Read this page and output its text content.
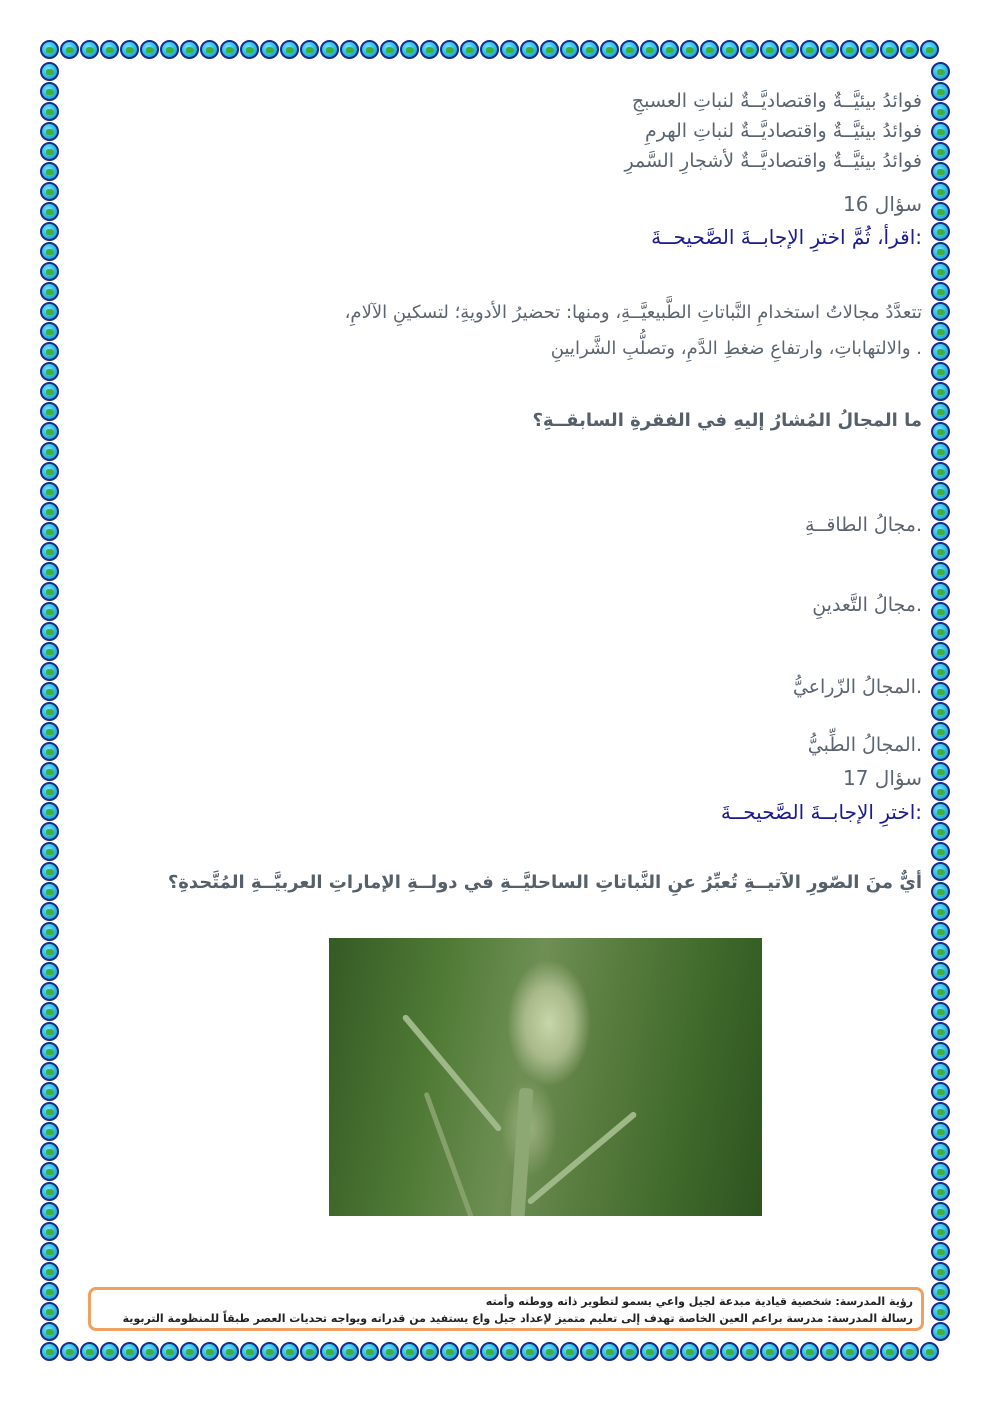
فوائدُ بيئيَّــةٌ واقتصاديَّــةٌ لنباتِ العسبجِ
فوائدُ بيئيَّــةٌ واقتصاديَّــةٌ لنباتِ الهرمِ
فوائدُ بيئيَّــةٌ واقتصاديَّــةٌ لأشجارِ السَّمرِ
سؤال 16
:اقرأ، ثُمَّ اخترِ الإجابــةَ الصَّحيحــةَ
تتعدَّدُ مجالاتُ استخدامِ النَّباتاتِ الطَّبيعيَّــةِ، ومنها: تحضيرُ الأدويةِ؛ لتسكينِ الآلامِ،
. والالتهاباتِ، وارتفاعِ ضغطِ الدَّمِ، وتصلُّبِ الشَّرايينِ
ما المجالُ المُشارُ إليهِ في الفقرةِ السابقــةِ؟
.مجالُ الطاقــةِ
.مجالُ التَّعدينِ
.المجالُ الزّراعيُّ
.المجالُ الطِّبيُّ
سؤال 17
:اخترِ الإجابــةَ الصَّحيحــةَ
أيٌّ منَ الصّورِ الآتيــةِ تُعبِّرُ عنِ النَّباتاتِ الساحليَّــةِ في دولــةِ الإماراتِ العربيَّــةِ المُتَّحدةِ؟
رؤية المدرسة: شخصية قيادية مبدعة لجيل واعي يسمو لتطوير ذاته ووطنه وأمته
رسالة المدرسة: مدرسة براعم العين الخاصة تهدف إلى تعليم متميز لإعداد جيل واع يستفيد من قدراته ويواجه تحديات العصر طبقاً للمنظومة التربوية
